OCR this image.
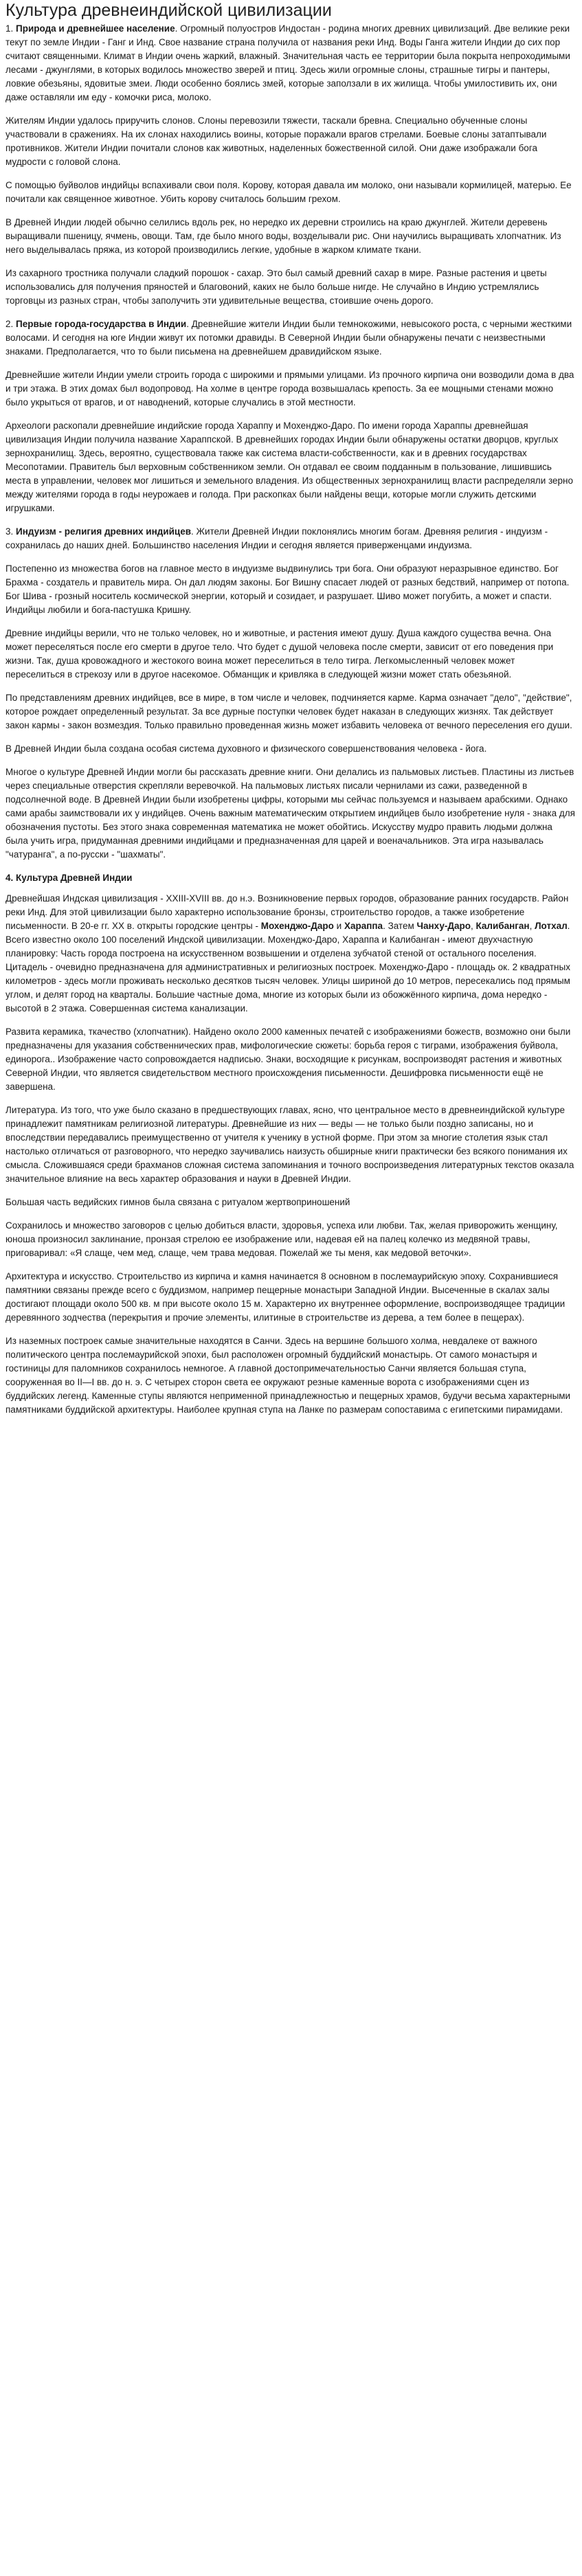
Культура древнеиндийской цивилизации

1. Природа и древнейшее население. Огромный полуостров Индостан - родина многих древних цивилизаций. Две великие реки текут по земле Индии - Ганг и Инд. Свое название страна получила от названия реки Инд. Воды Ганга жители Индии до сих пор считают священными. Климат в Индии очень жаркий, влажный. Значительная часть ее территории была покрыта непроходимыми лесами - джунглями, в которых водилось множество зверей и птиц. Здесь жили огромные слоны, страшные тигры и пантеры, ловкие обезьяны, ядовитые змеи. Люди особенно боялись змей, которые заползали в их жилища. Чтобы умилостивить их, они даже оставляли им еду - комочки риса, молоко.

Жителям Индии удалось приручить слонов. Слоны перевозили тяжести, таскали бревна. Специально обученные слоны участвовали в сражениях. На их слонах находились воины, которые поражали врагов стрелами. Боевые слоны затаптывали противников. Жители Индии почитали слонов как животных, наделенных божественной силой. Они даже изображали бога мудрости с головой слона.

С помощью буйволов индийцы вспахивали свои поля. Корову, которая давала им молоко, они называли кормилицей, матерью. Ее почитали как священное животное. Убить корову считалось большим грехом.

В Древней Индии людей обычно селились вдоль рек, но нередко их деревни строились на краю джунглей. Жители деревень выращивали пшеницу, ячмень, овощи. Там, где было много воды, возделывали рис. Они научились выращивать хлопчатник. Из него выделывалась пряжа, из которой производились легкие, удобные в жарком климате ткани.

Из сахарного тростника получали сладкий порошок - сахар. Это был самый древний сахар в мире. Разные растения и цветы использовались для получения пряностей и благовоний, каких не было больше нигде. Не случайно в Индию устремлялись торговцы из разных стран, чтобы заполучить эти удивительные вещества, стоившие очень дорого.

2. Первые города-государства в Индии. Древнейшие жители Индии были темнокожими, невысокого роста, с черными жесткими волосами. И сегодня на юге Индии живут их потомки дравиды. В Северной Индии были обнаружены печати с неизвестными знаками. Предполагается, что то были письмена на древнейшем дравидийском языке.

Древнейшие жители Индии умели строить города с широкими и прямыми улицами. Из прочного кирпича они возводили дома в два и три этажа. В этих домах был водопровод. На холме в центре города возвышалась крепость. За ее мощными стенами можно было укрыться от врагов, и от наводнений, которые случались в этой местности.

Археологи раскопали древнейшие индийские города Хараппу и Мохенджо-Даро. По имени города Хараппы древнейшая цивилизация Индии получила название Хараппской. В древнейших городах Индии были обнаружены остатки дворцов, круглых зернохранилищ. Здесь, вероятно, существовала также как система власти-собственности, как и в древних государствах Месопотамии. Правитель был верховным собственником земли. Он отдавал ее своим подданным в пользование, лишившись места в управлении, человек мог лишиться и земельного владения. Из общественных зернохранилищ власти распределяли зерно между жителями города в годы неурожаев и голода. При раскопках были найдены вещи, которые могли служить детскими игрушками.

3. Индуизм - религия древних индийцев. Жители Древней Индии поклонялись многим богам. Древняя религия - индуизм - сохранилась до наших дней. Большинство населения Индии и сегодня является приверженцами индуизма.

Постепенно из множества богов на главное место в индуизме выдвинулись три бога. Они образуют неразрывное единство. Бог Брахма - создатель и правитель мира. Он дал людям законы. Бог Вишну спасает людей от разных бедствий, например от потопа. Бог Шива - грозный носитель космической энергии, который и созидает, и разрушает. Шиво может погубить, а может и спасти. Индийцы любили и бога-пастушка Кришну.

Древние индийцы верили, что не только человек, но и животные, и растения имеют душу. Душа каждого существа вечна. Она может переселяться после его смерти в другое тело. Что будет с душой человека после смерти, зависит от его поведения при жизни. Так, душа кровожадного и жестокого воина может переселиться в тело тигра. Легкомысленный человек может переселиться в стрекозу или в другое насекомое. Обманщик и кривляка в следующей жизни может стать обезьяной.

По представлениям древних индийцев, все в мире, в том числе и человек, подчиняется карме. Карма означает "дело", "действие", которое рождает определенный результат. За все дурные поступки человек будет наказан в следующих жизнях. Так действует закон кармы - закон возмездия. Только правильно проведенная жизнь может избавить человека от вечного переселения его души.

В Древней Индии была создана особая система духовного и физического совершенствования человека - йога.

Многое о культуре Древней Индии могли бы рассказать древние книги. Они делались из пальмовых листьев. Пластины из листьев через специальные отверстия скрепляли веревочкой. На пальмовых листьях писали чернилами из сажи, разведенной в подсолнечной воде. В Древней Индии были изобретены цифры, которыми мы сейчас пользуемся и называем арабскими. Однако сами арабы заимствовали их у индийцев. Очень важным математическим открытием индийцев было изобретение нуля - знака для обозначения пустоты. Без этого знака современная математика не может обойтись. Искусству мудро править людьми должна была учить игра, придуманная древними индийцами и предназначенная для царей и военачальников. Эта игра называлась "чатуранга", а по-русски - "шахматы".

4. Культура Древней Индии

Древнейшая Индская цивилизация - XXIII-XVIII вв. до н.э. Возникновение первых городов, образование ранних государств. Район реки Инд. Для этой цивилизации было характерно использование бронзы, строительство городов, а также изобретение письменности. В 20-е гг. XX в. открыты городские центры - Мохенджо-Даро и Хараппа. Затем Чанху-Даро, Калибанган, Лотхал. Всего известно около 100 поселений Индской цивилизации. Мохенджо-Даро, Хараппа и Калибанган - имеют двухчастную планировку: Часть города построена на искусственном возвышении и отделена зубчатой стеной от остального поселения. Цитадель - очевидно предназначена для административных и религиозных построек. Мохенджо-Даро - площадь ок. 2 квадратных километров - здесь могли проживать несколько десятков тысяч человек. Улицы шириной до 10 метров, пересекались под прямым углом, и делят город на кварталы. Большие частные дома, многие из которых были из обожжённого кирпича, дома нередко - высотой в 2 этажа. Совершенная система канализации.

Развита керамика, ткачество (хлопчатник). Найдено около 2000 каменных печатей с изображениями божеств, возможно они были предназначены для указания собственнических прав, мифологические сюжеты: борьба героя с тиграми, изображения буйвола, единорога.. Изображение часто сопровождается надписью. Знаки, восходящие к рисункам, воспроизводят растения и животных Северной Индии, что является свидетельством местного происхождения письменности. Дешифровка письменности ещё не завершена.

Литература. Из того, что уже было сказано в предшествующих главах, ясно, что центральное место в древнеиндийской культуре принадлежит памятникам религиозной литературы. Древнейшие из них — веды — не только были поздно записаны, но и впоследствии передавались преимущественно от учителя к ученику в устной форме. При этом за многие столетия язык стал настолько отличаться от разговорного, что нередко заучивались наизусть обширные книги практически без всякого понимания их смысла. Сложившаяся среди брахманов сложная система запоминания и точного воспроизведения литературных текстов оказала значительное влияние на весь характер образования и науки в Древней Индии.

Большая часть ведийских гимнов была связана с ритуалом жертвоприношений

Сохранилось и множество заговоров с целью добиться власти, здоровья, успеха или любви. Так, желая приворожить женщину, юноша произносил заклинание, пронзая стрелою ее изображение или, надевая ей на палец колечко из медвяной травы, приговаривал: «Я слаще, чем мед, слаще, чем трава медовая. Пожелай же ты меня, как медовой веточки».

Архитектура и искусство. Строительство из кирпича и камня начинается 8 основном в послемаурийскую эпоху. Сохранившиеся памятники связаны прежде всего с буддизмом, например пещерные монастыри Западной Индии. Высеченные в скалах залы достигают площади около 500 кв. м при высоте около 15 м. Характерно их внутреннее оформление, воспроизводящее традиции деревянного зодчества (перекрытия и прочие элементы, илитиные в строительстве из дерева, а тем более в пещерах).

Из наземных построек самые значительные находятся в Санчи. Здесь на вершине большого холма, невдалеке от важного политического центра послемаурийской эпохи, был расположен огромный буддийский монастырь. От самого монастыря и гостиницы для паломников сохранилось немногое. А главной достопримечательностью Санчи является большая ступа, сооруженная во II—I вв. до н. э. С четырех сторон света ее окружают резные каменные ворота с изображениями сцен из буддийских легенд. Каменные ступы являются неприменной принадлежностью и пещерных храмов, будучи весьма характерными памятниками буддийской архитектуры. Наиболее крупная ступа на Ланке по размерам сопоставима с египетскими пирамидами.
